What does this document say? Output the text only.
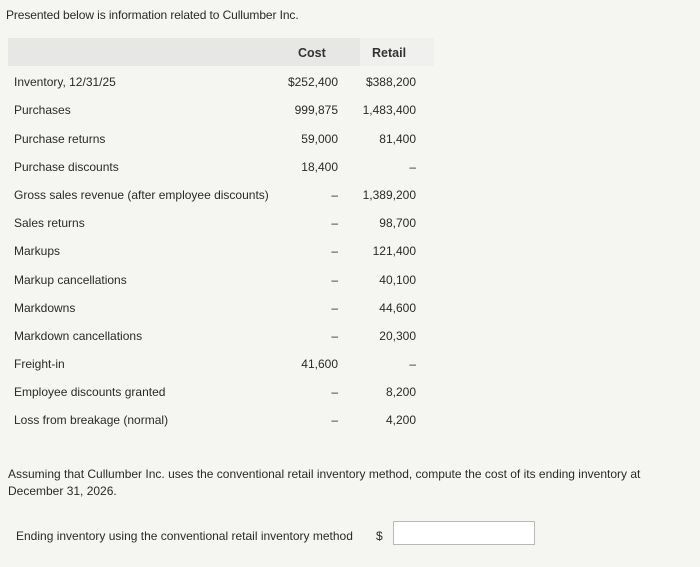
Presented below is information related to Cullumber Inc.
Cost	Retail
Inventory, 12/31/25	$252,400	$388,200
Purchases	999,875	1,483,400
Purchase returns	59,000	81,400
Purchase discounts	18,400	–
Gross sales revenue (after employee discounts)	–	1,389,200
Sales returns	–	98,700
Markups	–	121,400
Markup cancellations	–	40,100
Markdowns	–	44,600
Markdown cancellations	–	20,300
Freight-in	41,600	–
Employee discounts granted	–	8,200
Loss from breakage (normal)	–	4,200
Assuming that Cullumber Inc. uses the conventional retail inventory method, compute the cost of its ending inventory at December 31, 2026.
Ending inventory using the conventional retail inventory method $
